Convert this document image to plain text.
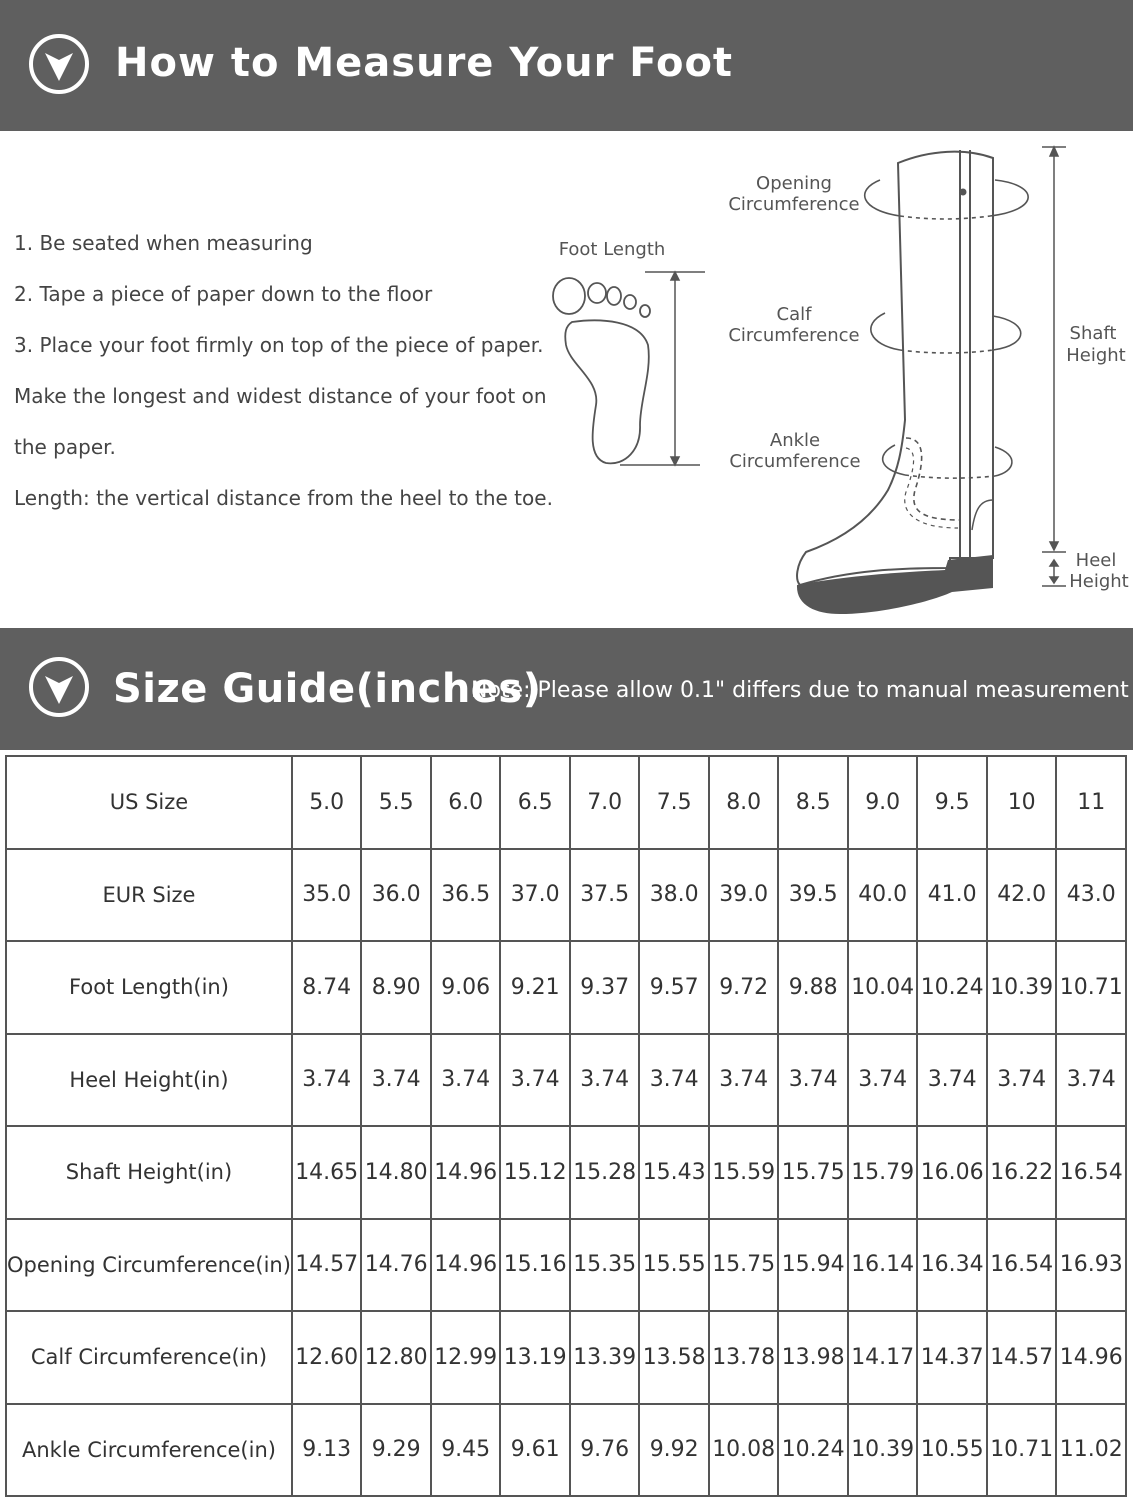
How to Measure Your Foot

1. Be seated when measuring

2. Tape a piece of paper down to the floor

3. Place your foot firmly on top of the piece of paper.

Make the longest and widest distance of your foot on

the paper.

Length: the vertical distance from the heel to the toe.

Foot Length
Opening
Circumference
Calf
Circumference
Ankle
Circumference
Shaft
Height
Heel
Height
Size Guide(inches)
Note: Please allow 0.1" differs due to manual measurement
US Size	5.0	5.5	6.0	6.5	7.0	7.5	8.0	8.5	9.0	9.5	10	11
EUR Size	35.0	36.0	36.5	37.0	37.5	38.0	39.0	39.5	40.0	41.0	42.0	43.0
Foot Length(in)	8.74	8.90	9.06	9.21	9.37	9.57	9.72	9.88	10.04	10.24	10.39	10.71
Heel Height(in)	3.74	3.74	3.74	3.74	3.74	3.74	3.74	3.74	3.74	3.74	3.74	3.74
Shaft Height(in)	14.65	14.80	14.96	15.12	15.28	15.43	15.59	15.75	15.79	16.06	16.22	16.54
Opening Circumference(in)	14.57	14.76	14.96	15.16	15.35	15.55	15.75	15.94	16.14	16.34	16.54	16.93
Calf Circumference(in)	12.60	12.80	12.99	13.19	13.39	13.58	13.78	13.98	14.17	14.37	14.57	14.96
Ankle Circumference(in)	9.13	9.29	9.45	9.61	9.76	9.92	10.08	10.24	10.39	10.55	10.71	11.02
